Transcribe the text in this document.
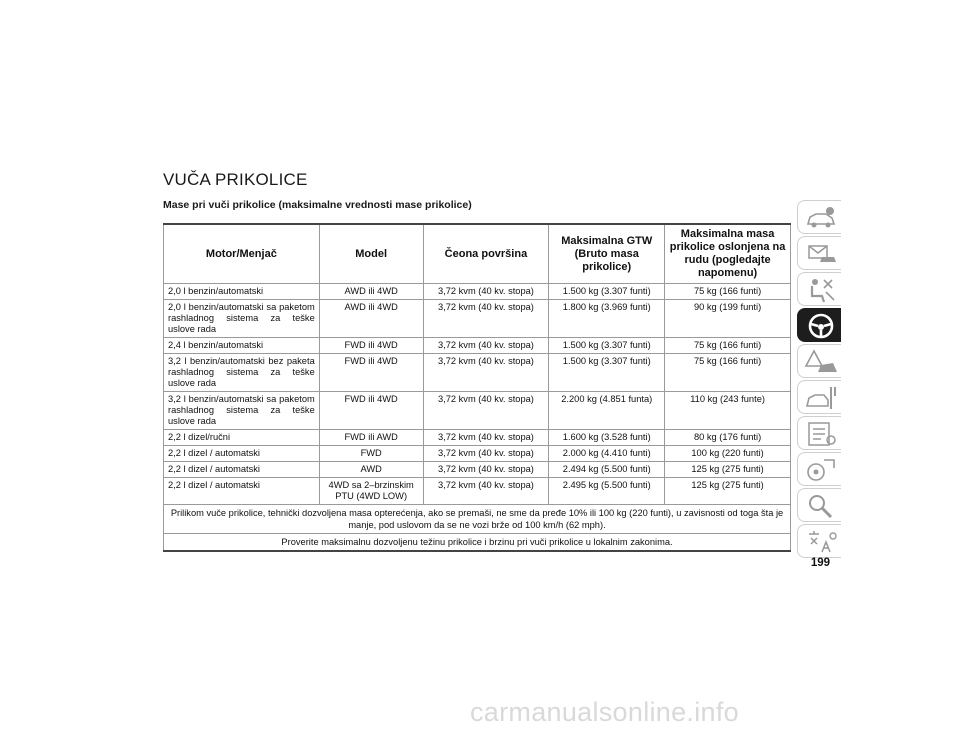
VUČA PRIKOLICE
Mase pri vuči prikolice (maksimalne vrednosti mase prikolice)
Motor/Menjač	Model	Čeona površina	Maksimalna GTW (Bruto masa prikolice)	Maksimalna masa prikolice oslonjena na rudu (pogledajte napomenu)
2,0 l benzin/automatski	AWD ili 4WD	3,72 kvm (40 kv. stopa)	1.500 kg (3.307 funti)	75 kg (166 funti)
2,0 l benzin/automatski sa paketom rashladnog sistema za teške uslove rada	AWD ili 4WD	3,72 kvm (40 kv. stopa)	1.800 kg (3.969 funti)	90 kg (199 funti)
2,4 l benzin/automatski	FWD ili 4WD	3,72 kvm (40 kv. stopa)	1.500 kg (3.307 funti)	75 kg (166 funti)
3,2 l benzin/automatski bez paketa rashladnog sistema za teške uslove rada	FWD ili 4WD	3,72 kvm (40 kv. stopa)	1.500 kg (3.307 funti)	75 kg (166 funti)
3,2 l benzin/automatski sa paketom rashladnog sistema za teške uslove rada	FWD ili 4WD	3,72 kvm (40 kv. stopa)	2.200 kg (4.851 funta)	110 kg (243 funte)
2,2 l dizel/ručni	FWD ili AWD	3,72 kvm (40 kv. stopa)	1.600 kg (3.528 funti)	80 kg (176 funti)
2,2 l dizel / automatski	FWD	3,72 kvm (40 kv. stopa)	2.000 kg (4.410 funti)	100 kg (220 funti)
2,2 l dizel / automatski	AWD	3,72 kvm (40 kv. stopa)	2.494 kg (5.500 funti)	125 kg (275 funti)
2,2 l dizel / automatski	4WD sa 2–brzinskim PTU (4WD LOW)	3,72 kvm (40 kv. stopa)	2.495 kg (5.500 funti)	125 kg (275 funti)
Prilikom vuče prikolice, tehnički dozvoljena masa opterećenja, ako se premaši, ne sme da pređe 10% ili 100 kg (220 funti), u zavisnosti od toga šta je manje, pod uslovom da se ne vozi brže od 100 km/h (62 mph).				
Proverite maksimalnu dozvoljenu težinu prikolice i brzinu pri vuči prikolice u lokalnim zakonima.				
199
carmanualsonline.info
